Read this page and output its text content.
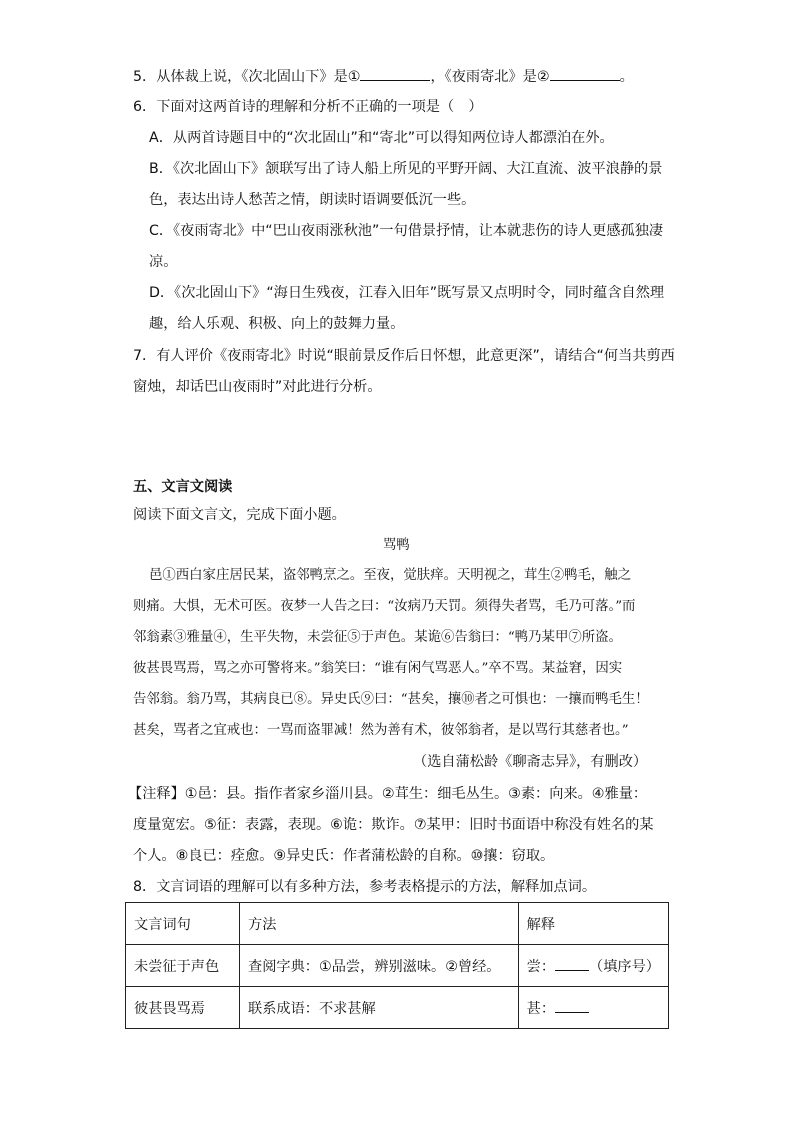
5．从体裁上说，《次北固山下》是①	，《夜雨寄北》是②	。
6．下面对这两首诗的理解和分析不正确的一项是（　）
A．从两首诗题目中的“次北固山”和“寄北”可以得知两位诗人都漂泊在外。
B．《次北固山下》颔联写出了诗人船上所见的平野开阔、大江直流、波平浪静的景
色，表达出诗人愁苦之情，朗读时语调要低沉一些。
C．《夜雨寄北》中“巴山夜雨涨秋池”一句借景抒情，让本就悲伤的诗人更感孤独凄
凉。
D．《次北固山下》“海日生残夜，江春入旧年”既写景又点明时令，同时蕴含自然理
趣，给人乐观、积极、向上的鼓舞力量。
7．有人评价《夜雨寄北》时说“眼前景反作后日怀想，此意更深”，请结合“何当共剪西
窗烛，却话巴山夜雨时”对此进行分析。
五、文言文阅读
阅读下面文言文，完成下面小题。
骂鸭
邑①西白家庄居民某，盗邻鸭烹之。至夜，觉肤痒。天明视之，茸生②鸭毛，触之
则痛。大惧，无术可医。夜梦一人告之曰：“汝病乃天罚。须得失者骂，毛乃可落。”而
邻翁素③雅量④，生平失物，未尝征⑤于声色。某诡⑥告翁曰：“鸭乃某甲⑦所盗。
彼甚畏骂焉，骂之亦可警将来。”翁笑曰：“谁有闲气骂恶人。”卒不骂。某益窘，因实
告邻翁。翁乃骂，其病良已⑧。异史氏⑨曰：“甚矣，攘⑩者之可惧也：一攘而鸭毛生！
甚矣，骂者之宜戒也：一骂而盗罪减！然为善有术，彼邻翁者，是以骂行其慈者也。”
（选自蒲松龄《聊斋志异》，有删改）
【注释】①邑：县。指作者家乡淄川县。②茸生：细毛丛生。③素：向来。④雅量：
度量宽宏。⑤征：表露，表现。⑥诡：欺诈。⑦某甲：旧时书面语中称没有姓名的某
个人。⑧良已：痊愈。⑨异史氏：作者蒲松龄的自称。⑩攘：窃取。
8．文言词语的理解可以有多种方法，参考表格提示的方法，解释加点词。
文言词句	方法	解释
未尝征于声色	查阅字典：①品尝，辨别滋味。②曾经。	尝： （填序号）
彼甚畏骂焉	联系成语：不求甚解	甚：
